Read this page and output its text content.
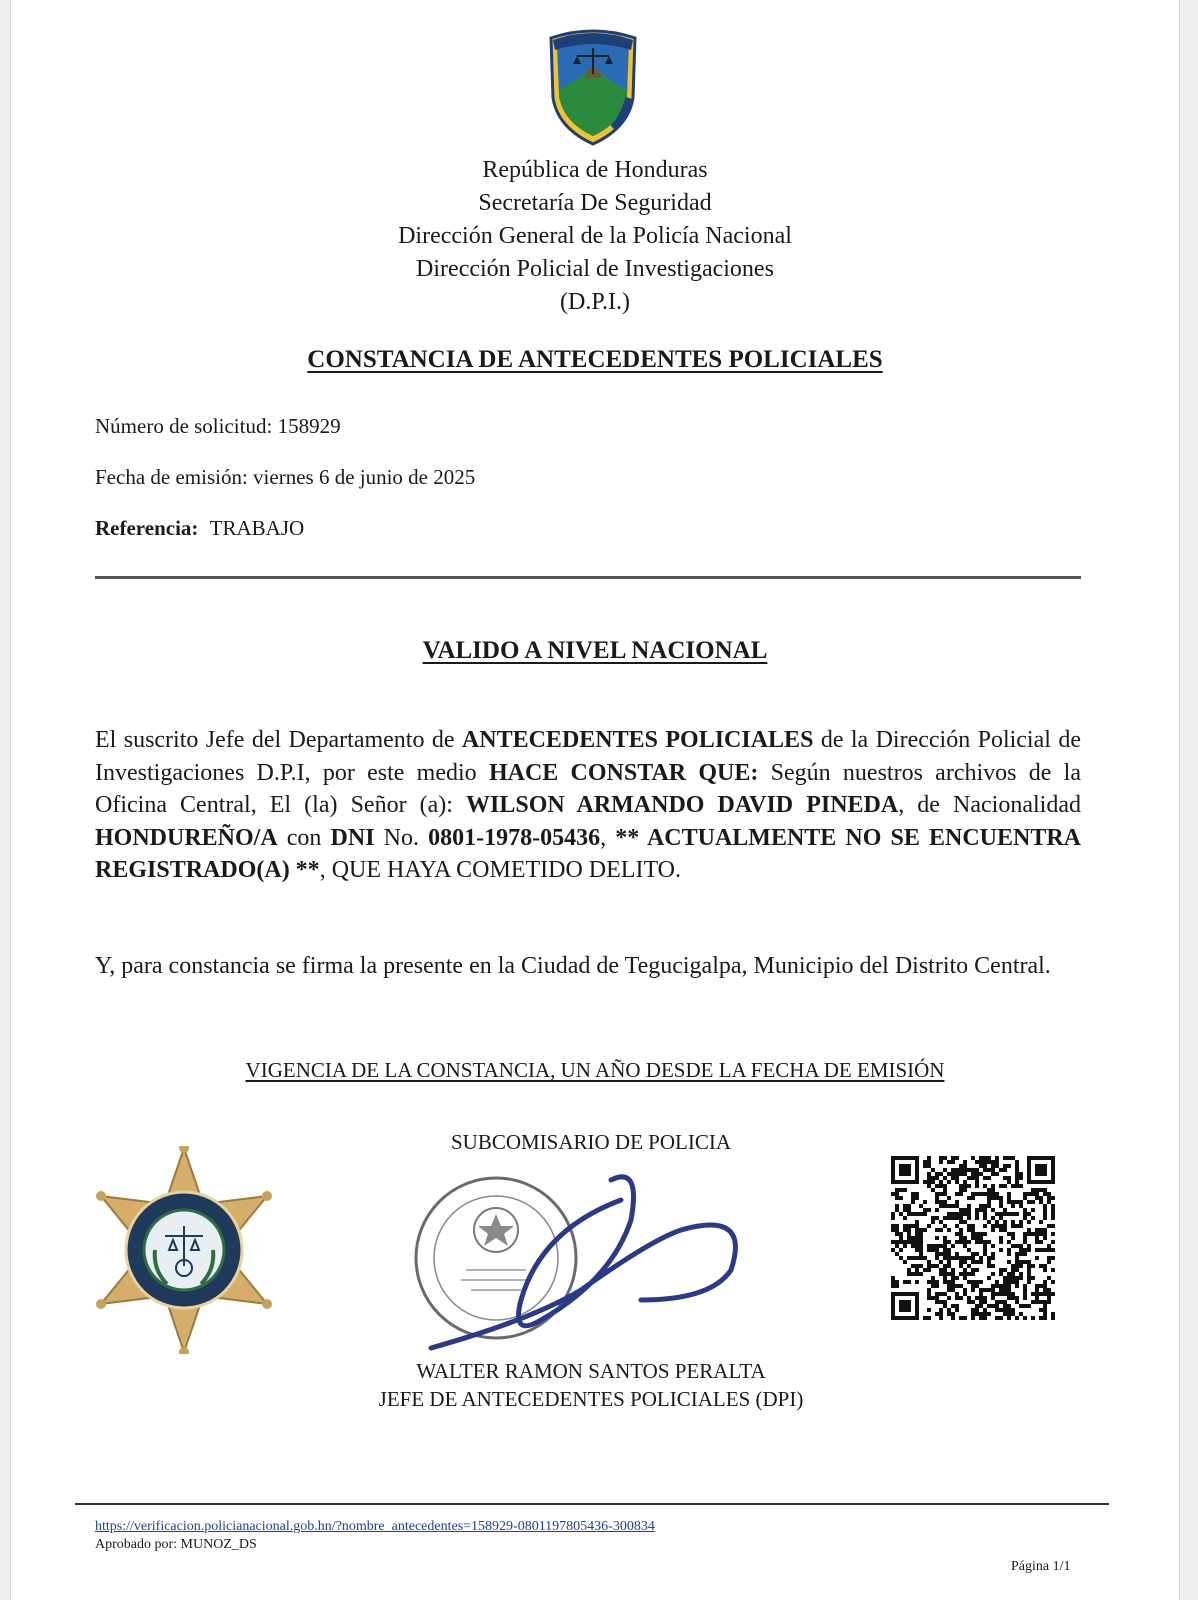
República de Honduras
Secretaría De Seguridad
Dirección General de la Policía Nacional
Dirección Policial de Investigaciones
(D.P.I.)
CONSTANCIA DE ANTECEDENTES POLICIALES
Número de solicitud: 158929
Fecha de emisión: viernes 6 de junio de 2025
Referencia: TRABAJO
VALIDO A NIVEL NACIONAL
El suscrito Jefe del Departamento de ANTECEDENTES POLICIALES de la Dirección Policial de Investigaciones D.P.I, por este medio HACE CONSTAR QUE: Según nuestros archivos de la Oficina Central, El (la) Señor (a): WILSON ARMANDO DAVID PINEDA, de Nacionalidad HONDUREÑO/A con DNI No. 0801-1978-05436, ** ACTUALMENTE NO SE ENCUENTRA REGISTRADO(A) **, QUE HAYA COMETIDO DELITO.
Y, para constancia se firma la presente en la Ciudad de Tegucigalpa, Municipio del Distrito Central.
VIGENCIA DE LA CONSTANCIA, UN AÑO DESDE LA FECHA DE EMISIÓN
SUBCOMISARIO DE POLICIA
WALTER RAMON SANTOS PERALTA
JEFE DE ANTECEDENTES POLICIALES (DPI)
https://verificacion.policianacional.gob.hn/?nombre_antecedentes=158929-0801197805436-300834
Aprobado por: MUNOZ_DS
Página 1/1
